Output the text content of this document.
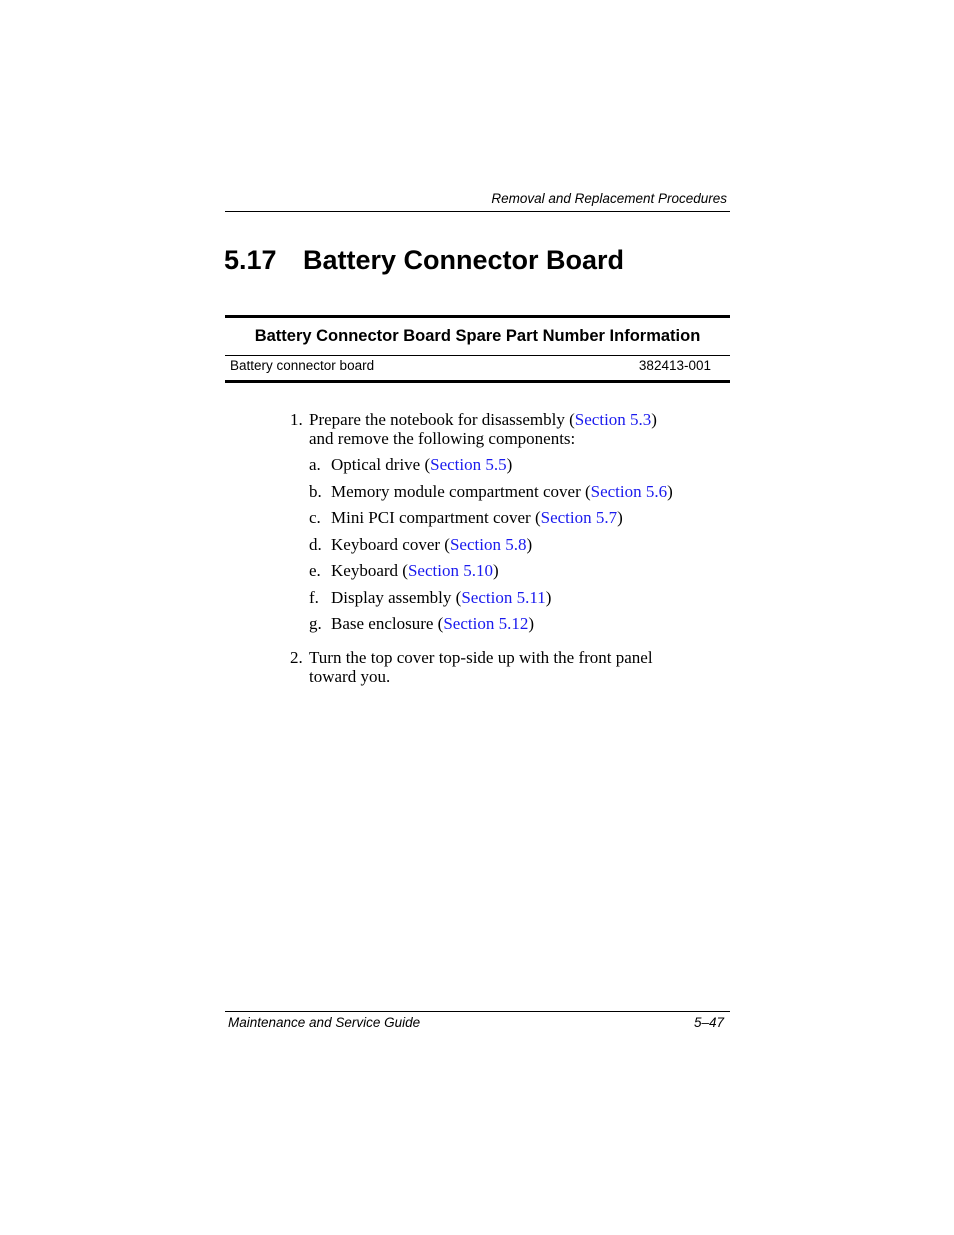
Removal and Replacement Procedures
5.17 Battery Connector Board
Battery Connector Board Spare Part Number Information
Battery connector board	382413-001
1. Prepare the notebook for disassembly (Section 5.3)
and remove the following components:
a. Optical drive (Section 5.5)
b. Memory module compartment cover (Section 5.6)
c. Mini PCI compartment cover (Section 5.7)
d. Keyboard cover (Section 5.8)
e. Keyboard (Section 5.10)
f. Display assembly (Section 5.11)
g. Base enclosure (Section 5.12)
2. Turn the top cover top-side up with the front panel
toward you.
Maintenance and Service Guide	5–47
